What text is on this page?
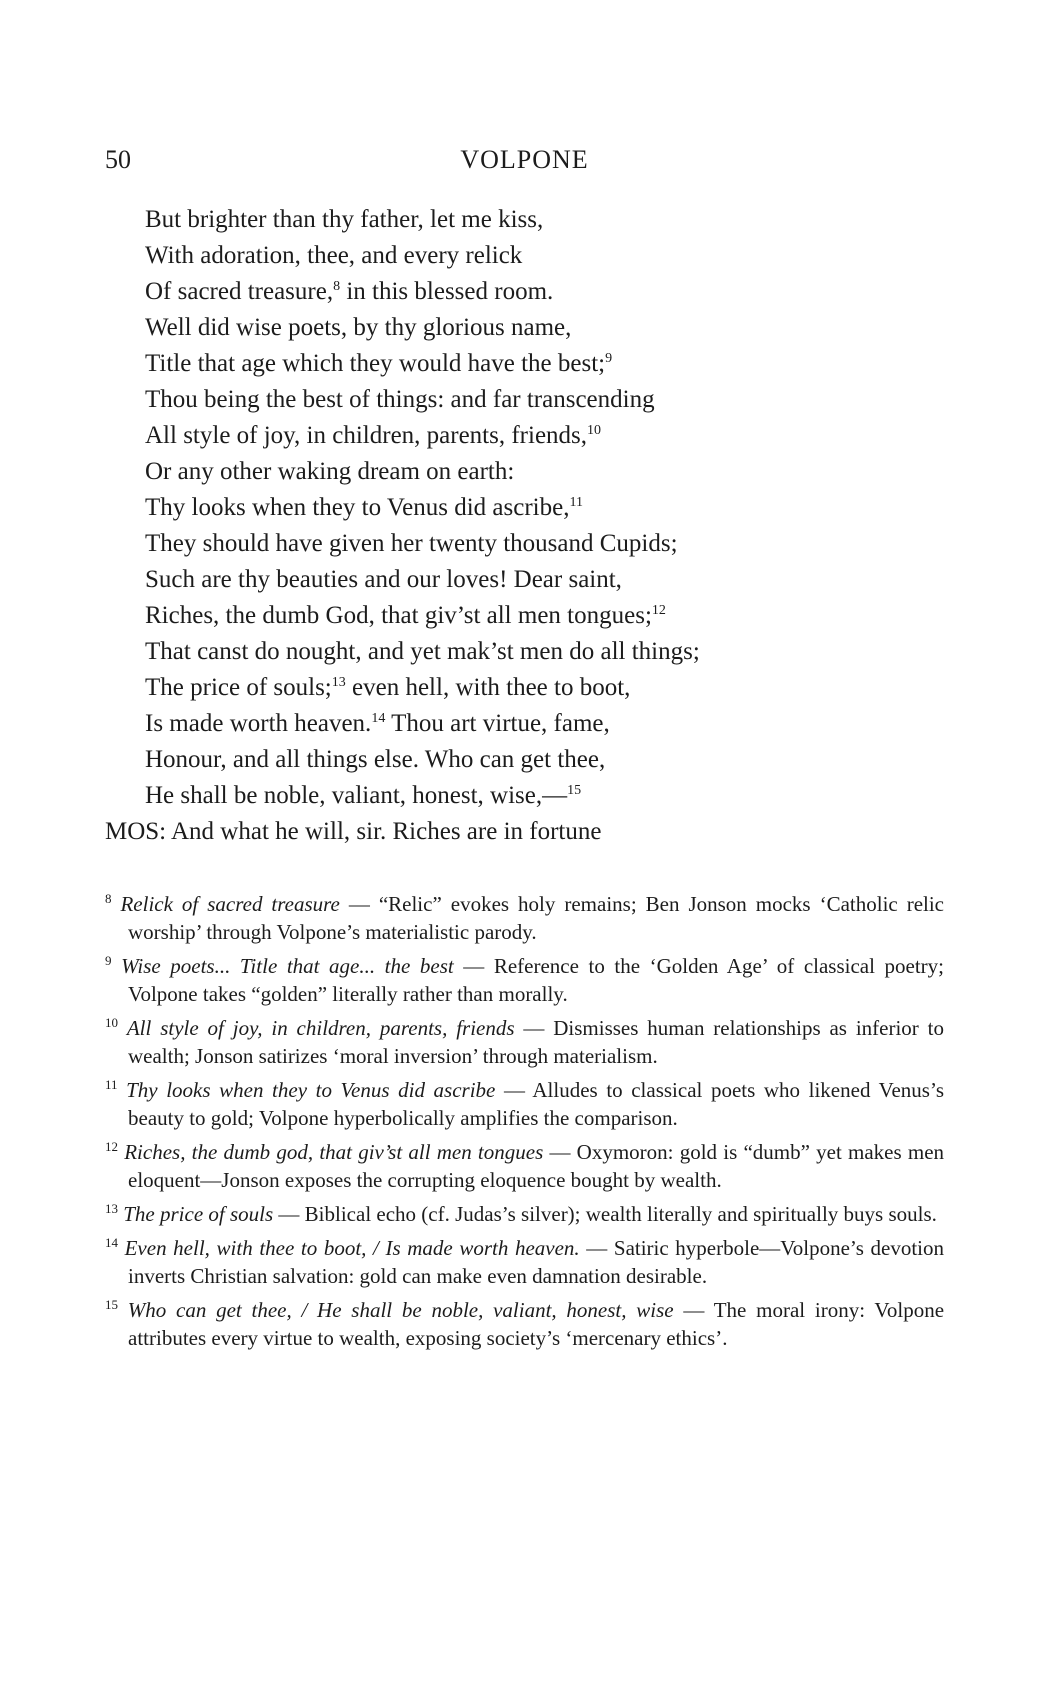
50	VOLPONE
But brighter than thy father, let me kiss,
With adoration, thee, and every relick
Of sacred treasure,$^8$ in this blessed room.
Well did wise poets, by thy glorious name,
Title that age which they would have the best;$^9$
Thou being the best of things: and far transcending
All style of joy, in children, parents, friends,$^{10}$
Or any other waking dream on earth:
Thy looks when they to Venus did ascribe,$^{11}$
They should have given her twenty thousand Cupids;
Such are thy beauties and our loves! Dear saint,
Riches, the dumb God, that giv’st all men tongues;$^{12}$
That canst do nought, and yet mak’st men do all things;
The price of souls;$^{13}$ even hell, with thee to boot,
Is made worth heaven.$^{14}$ Thou art virtue, fame,
Honour, and all things else. Who can get thee,
He shall be noble, valiant, honest, wise,—$^{15}$
MOS: And what he will, sir. Riches are in fortune
$^8$ Relick of sacred treasure — “Relic” evokes holy remains; Ben Jonson mocks ‘Catholic relic worship’ through Volpone’s materialistic parody.
$^9$ Wise poets... Title that age... the best — Reference to the ‘Golden Age’ of classical poetry; Volpone takes “golden” literally rather than morally.
$^{10}$ All style of joy, in children, parents, friends — Dismisses human relationships as inferior to wealth; Jonson satirizes ‘moral inversion’ through materialism.
$^{11}$ Thy looks when they to Venus did ascribe — Alludes to classical poets who likened Venus’s beauty to gold; Volpone hyperbolically amplifies the comparison.
$^{12}$ Riches, the dumb god, that giv’st all men tongues — Oxymoron: gold is “dumb” yet makes men eloquent—Jonson exposes the corrupting eloquence bought by wealth.
$^{13}$ The price of souls — Biblical echo (cf. Judas’s silver); wealth literally and spiritually buys souls.
$^{14}$ Even hell, with thee to boot, / Is made worth heaven. — Satiric hyperbole—Volpone’s devotion inverts Christian salvation: gold can make even damnation desirable.
$^{15}$ Who can get thee, / He shall be noble, valiant, honest, wise — The moral irony: Volpone attributes every virtue to wealth, exposing society’s ‘mercenary ethics’.
